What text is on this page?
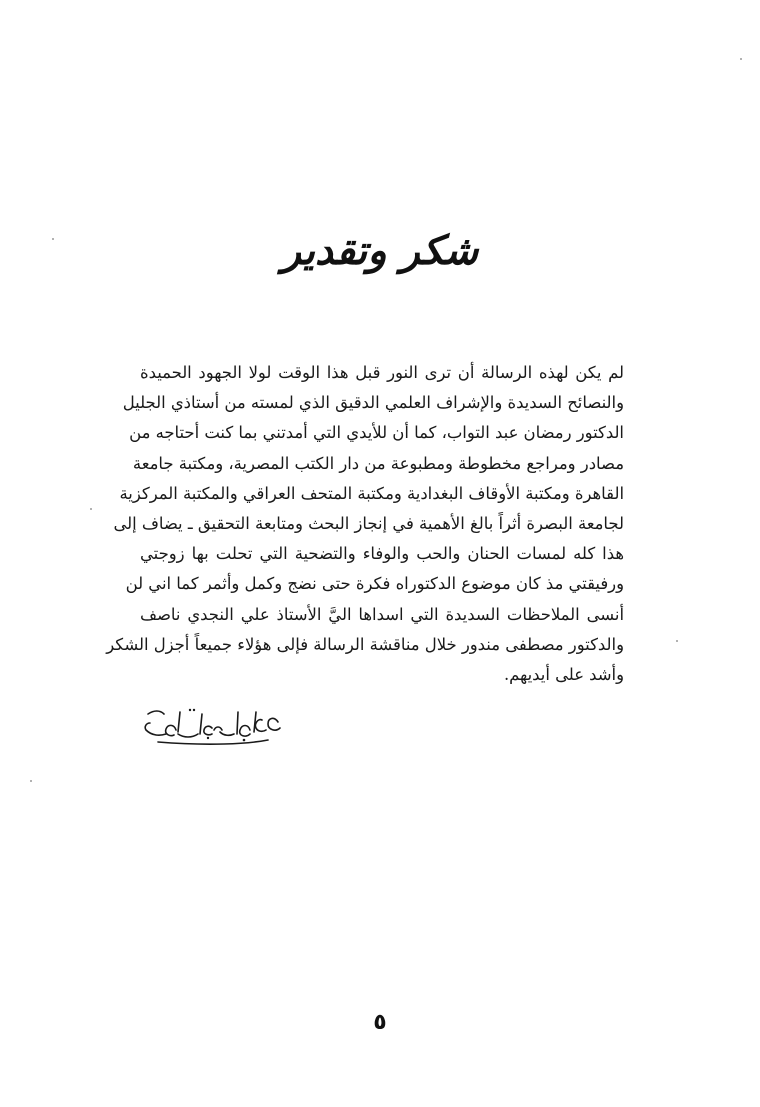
شكر وتقدير
لم يكن لهذه الرسالة أن ترى النور قبل هذا الوقت لولا الجهود الحميدة
والنصائح السديدة والإشراف العلمي الدقيق الذي لمسته من أستاذي الجليل
الدكتور رمضان عبد التواب، كما أن للأيدي التي أمدتني بما كنت أحتاجه من
مصادر ومراجع مخطوطة ومطبوعة من دار الكتب المصرية، ومكتبة جامعة
القاهرة ومكتبة الأوقاف البغدادية ومكتبة المتحف العراقي والمكتبة المركزية
لجامعة البصرة أثراً بالغ الأهمية في إنجاز البحث ومتابعة التحقيق ـ يضاف إلى
هذا كله لمسات الحنان والحب والوفاء والتضحية التي تحلت بها زوجتي
ورفيقتي مذ كان موضوع الدكتوراه فكرة حتى نضج وكمل وأثمر كما اني لن
أنسى الملاحظات السديدة التي اسداها اليَّ الأستاذ علي النجدي ناصف
والدكتور مصطفى مندور خلال مناقشة الرسالة فإلى هؤلاء جميعاً أجزل الشكر
وأشد على أيديهم.
٥
